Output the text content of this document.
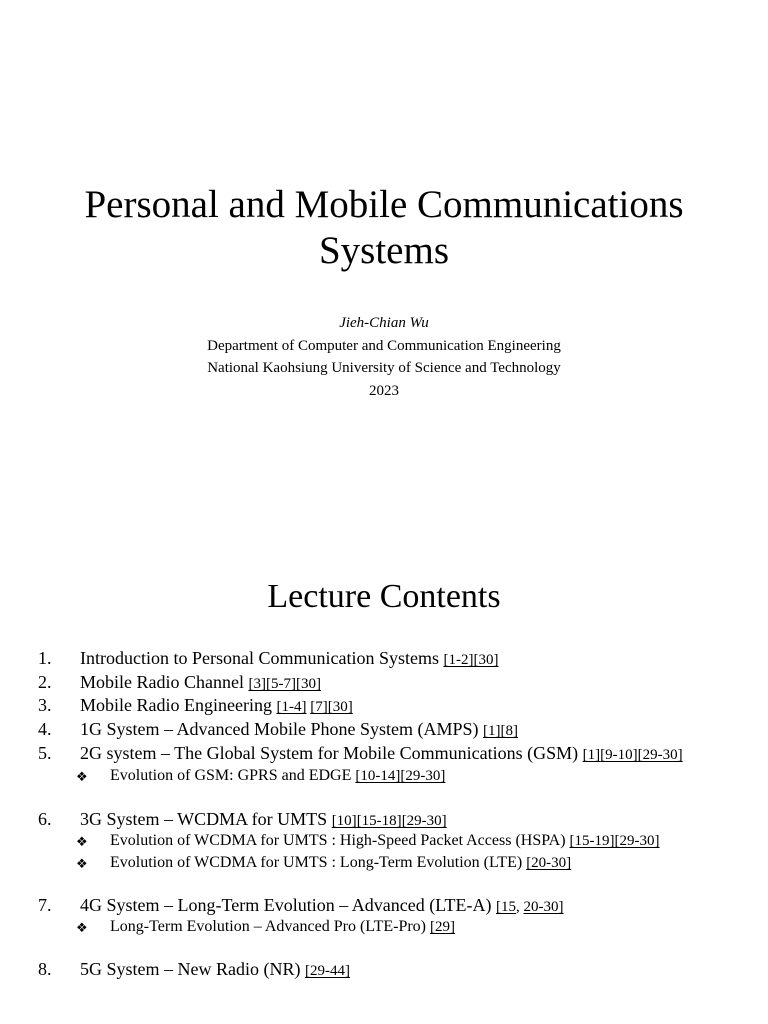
Personal and Mobile Communications
Systems
Jieh-Chian Wu
Department of Computer and Communication Engineering
National Kaohsiung University of Science and Technology
2023
Lecture Contents
1. Introduction to Personal Communication Systems [1-2][30]
2. Mobile Radio Channel [3][5-7][30]
3. Mobile Radio Engineering [1-4] [7][30]
4. 1G System – Advanced Mobile Phone System (AMPS) [1][8]
5. 2G system – The Global System for Mobile Communications (GSM) [1][9-10][29-30]
❖ Evolution of GSM: GPRS and EDGE [10-14][29-30]
6. 3G System – WCDMA for UMTS [10][15-18][29-30]
❖ Evolution of WCDMA for UMTS : High-Speed Packet Access (HSPA) [15-19][29-30]
❖ Evolution of WCDMA for UMTS : Long-Term Evolution (LTE) [20-30]
7. 4G System – Long-Term Evolution – Advanced (LTE-A) [15, 20-30]
❖ Long-Term Evolution – Advanced Pro (LTE-Pro) [29]
8. 5G System – New Radio (NR) [29-44]
